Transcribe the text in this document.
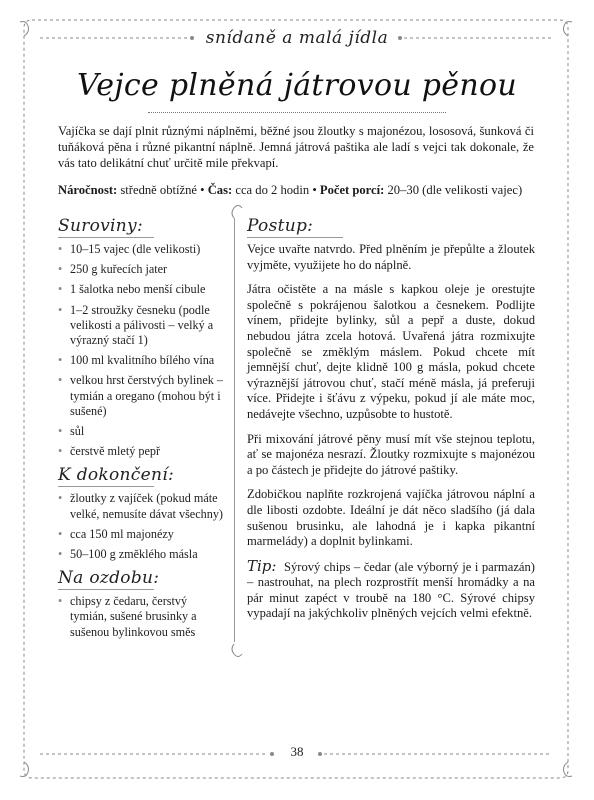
snídaně a malá jídla
Vejce plněná játrovou pěnou

Vajíčka se dají plnit různými náplněmi, běžné jsou žloutky s majonézou, lososová, šunková či tuňáková pěna i různé pikantní náplně. Jemná játrová paštika ale ladí s vejci tak dokonale, že vás tato delikátní chuť určitě mile překvapí.

Náročnost: středně obtížné • Čas: cca do 2 hodin • Počet porcí: 20–30 (dle velikosti vajec)
Suroviny:
• 10–15 vajec (dle velikosti)
• 250 g kuřecích jater
• 1 šalotka nebo menší cibule
• 1–2 stroužky česneku (podle velikosti a pálivosti – velký a výrazný stačí 1)
• 100 ml kvalitního bílého vína
• velkou hrst čerstvých bylinek – tymián a oregano (mohou být i sušené)
• sůl
• čerstvě mletý pepř
K dokončení:
• žloutky z vajíček (pokud máte velké, nemusíte dávat všechny)
• cca 150 ml majonézy
• 50–100 g změklého másla
Na ozdobu:
• chipsy z čedaru, čerstvý tymián, sušené brusinky a sušenou bylinkovou směs
Postup:

Vejce uvařte natvrdo. Před plněním je přepůlte a žloutek vyjměte, využijete ho do náplně.

Játra očistěte a na másle s kapkou oleje je orestujte společně s pokrájenou šalotkou a česnekem. Podlijte vínem, přidejte bylinky, sůl a pepř a duste, dokud nebudou játra zcela hotová. Uvařená játra rozmixujte společně se změklým máslem. Pokud chcete mít jemnější chuť, dejte klidně 100 g másla, pokud chcete výraznější játrovou chuť, stačí méně másla, já preferuji více. Přidejte i šťávu z výpeku, pokud jí ale máte moc, nedávejte všechno, uzpůsobte to hustotě.

Při mixování játrové pěny musí mít vše stejnou teplotu, ať se majonéza nesrazí. Žloutky rozmixujte s majonézou a po částech je přidejte do játrové paštiky.

Zdobičkou naplňte rozkrojená vajíčka játrovou náplní a dle libosti ozdobte. Ideální je dát něco sladšího (já dala sušenou brusinku, ale lahodná je i kapka pikantní marmelády) a doplnit bylinkami.

Tip: Sýrový chips – čedar (ale výborný je i parmazán) – nastrouhat, na plech rozprostřít menší hromádky a na pár minut zapéct v troubě na 180 °C. Sýrové chipsy vypadají na jakýchkoliv plněných vejcích velmi efektně.

38
